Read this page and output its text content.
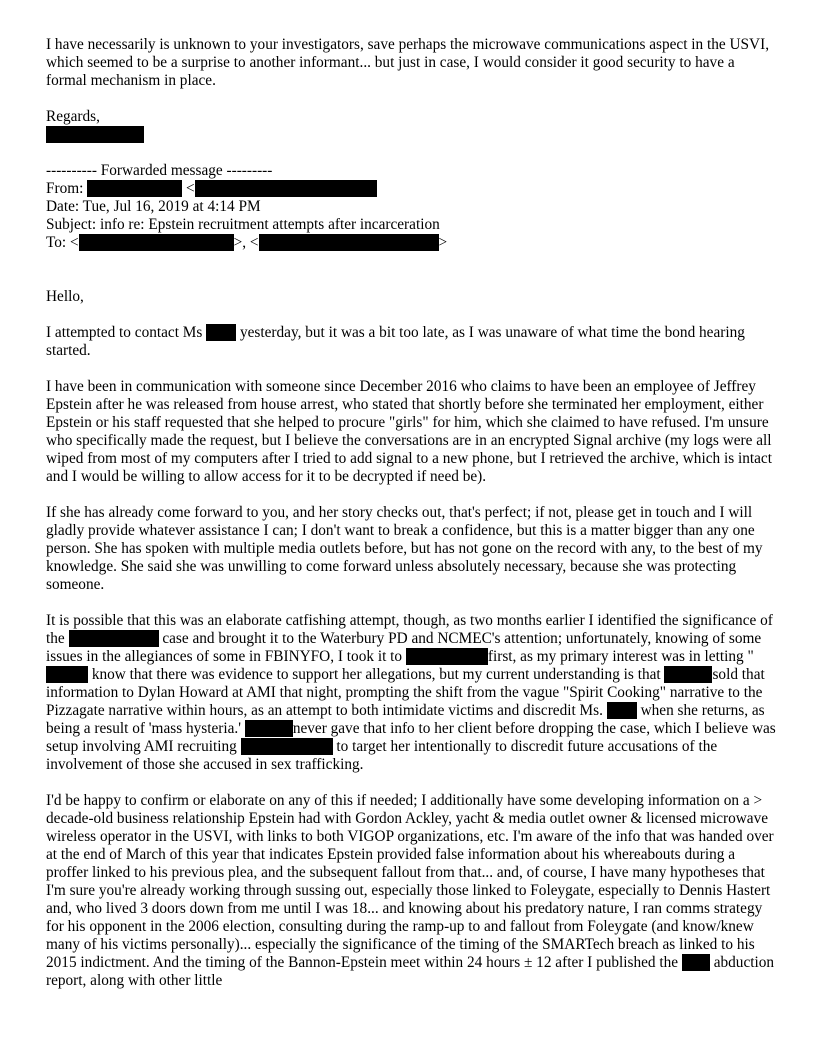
I have necessarily is unknown to your investigators, save perhaps the microwave communications aspect in the USVI, which seemed to be a surprise to another informant... but just in case, I would consider it good security to have a formal mechanism in place.

Regards,

---------- Forwarded message ---------
From:	<
Date: Tue, Jul 16, 2019 at 4:14 PM
Subject: info re: Epstein recruitment attempts after incarceration
To: <	>, <	>

Hello,

I attempted to contact Ms  yesterday, but it was a bit too late, as I was unaware of what time the bond hearing started.

I have been in communication with someone since December 2016 who claims to have been an employee of Jeffrey Epstein after he was released from house arrest, who stated that shortly before she terminated her employment, either Epstein or his staff requested that she helped to procure "girls" for him, which she claimed to have refused. I'm unsure who specifically made the request, but I believe the conversations are in an encrypted Signal archive (my logs were all wiped from most of my computers after I tried to add signal to a new phone, but I retrieved the archive, which is intact and I would be willing to allow access for it to be decrypted if need be).

If she has already come forward to you, and her story checks out, that's perfect; if not, please get in touch and I will gladly provide whatever assistance I can; I don't want to break a confidence, but this is a matter bigger than any one person. She has spoken with multiple media outlets before, but has not gone on the record with any, to the best of my knowledge. She said she was unwilling to come forward unless absolutely necessary, because she was protecting someone.

It is possible that this was an elaborate catfishing attempt, though, as two months earlier I identified the significance of the	case and brought it to the Waterbury PD and NCMEC's attention; unfortunately, knowing of some issues in the allegiances of some in FBINYFO, I took it to	first, as my primary interest was in letting " know that there was evidence to support her allegations, but my current understanding is that	sold that information to Dylan Howard at AMI that night, prompting the shift from the vague "Spirit Cooking" narrative to the Pizzagate narrative within hours, as an attempt to both intimidate victims and discredit Ms.  when she returns, as being a result of 'mass hysteria.'	never gave that info to her client before dropping the case, which I believe was setup involving AMI recruiting	to target her intentionally to discredit future accusations of the involvement of those she accused in sex trafficking.

I'd be happy to confirm or elaborate on any of this if needed; I additionally have some developing information on a > decade-old business relationship Epstein had with Gordon Ackley, yacht & media outlet owner & licensed microwave wireless operator in the USVI, with links to both VIGOP organizations, etc. I'm aware of the info that was handed over at the end of March of this year that indicates Epstein provided false information about his whereabouts during a proffer linked to his previous plea, and the subsequent fallout from that... and, of course, I have many hypotheses that I'm sure you're already working through sussing out, especially those linked to Foleygate, especially to Dennis Hastert and, who lived 3 doors down from me until I was 18... and knowing about his predatory nature, I ran comms strategy for his opponent in the 2006 election, consulting during the ramp-up to and fallout from Foleygate (and know/knew many of his victims personally)... especially the significance of the timing of the SMARTech breach as linked to his 2015 indictment. And the timing of the Bannon-Epstein meet within 24 hours ± 12 after I published the  abduction report, along with other little
